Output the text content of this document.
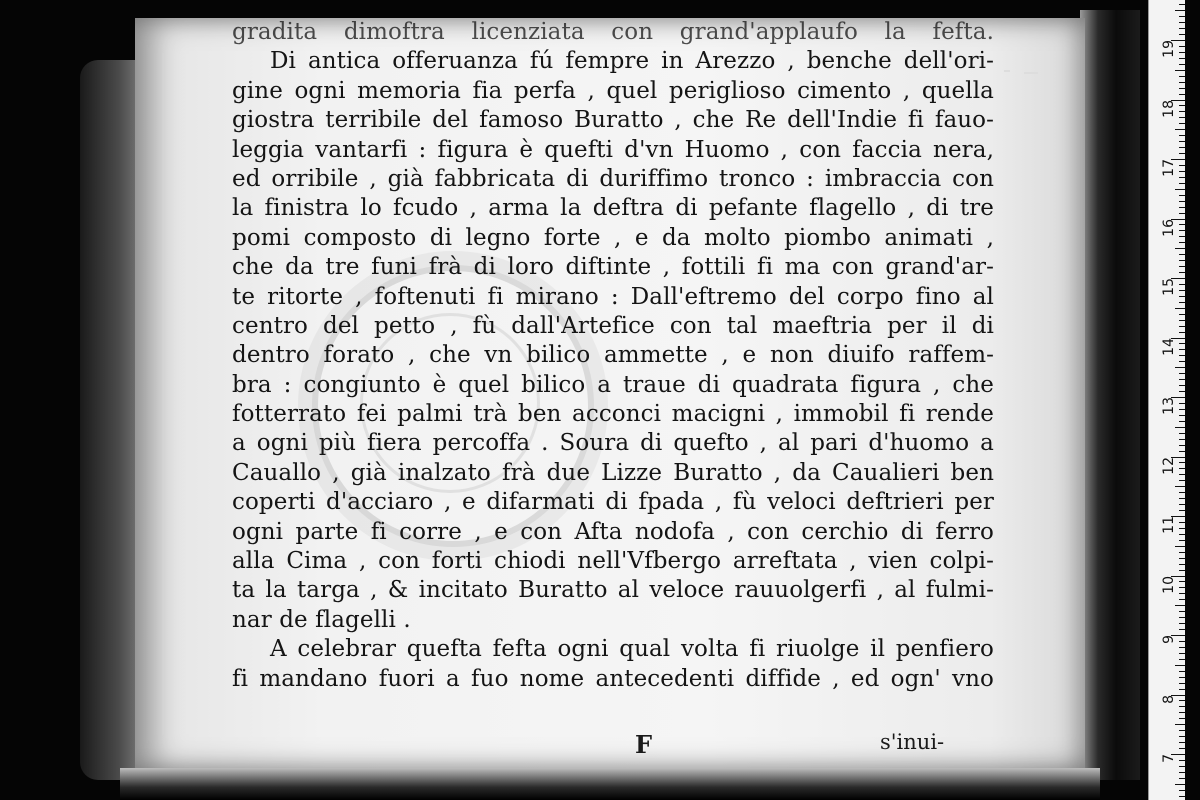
gradita dimoftra licenziata con grand'applaufo la fefta.
Di antica offeruanza fú fempre in Arezzo , benche dell'ori-
gine ogni memoria fia perfa , quel periglioso cimento , quella
giostra terribile del famoso Buratto , che Re dell'Indie fi fauo-
leggia vantarfi : figura è quefti d'vn Huomo , con faccia nera,
ed orribile , già fabbricata di duriffimo tronco : imbraccia con
la finistra lo fcudo , arma la deftra di pefante flagello , di tre
pomi composto di legno forte , e da molto piombo animati ,
che da tre funi frà di loro diftinte , fottili fi ma con grand'ar-
te ritorte , foftenuti fi mirano : Dall'eftremo del corpo fino al
centro del petto , fù dall'Artefice con tal maeftria per il di
dentro forato , che vn bilico ammette , e non diuifo raffem-
bra : congiunto è quel bilico a traue di quadrata figura , che
fotterrato fei palmi trà ben acconci macigni , immobil fi rende
a ogni più fiera percoffa . Soura di quefto , al pari d'huomo a
Cauallo , già inalzato frà due Lizze Buratto , da Caualieri ben
coperti d'acciaro , e difarmati di fpada , fù veloci deftrieri per
ogni parte fi corre , e con Afta nodofa , con cerchio di ferro
alla Cima , con forti chiodi nell'Vfbergo arreftata , vien colpi-
ta la targa , & incitato Buratto al veloce rauuolgerfi , al fulmi-
nar de flagelli .
A celebrar quefta fefta ogni qual volta fi riuolge il penfiero
fi mandano fuori a fuo nome antecedenti diffide , ed ogn' vno
F	s'inui-
19
18
17
16
15
14
13
12
11
10
9
8
7
